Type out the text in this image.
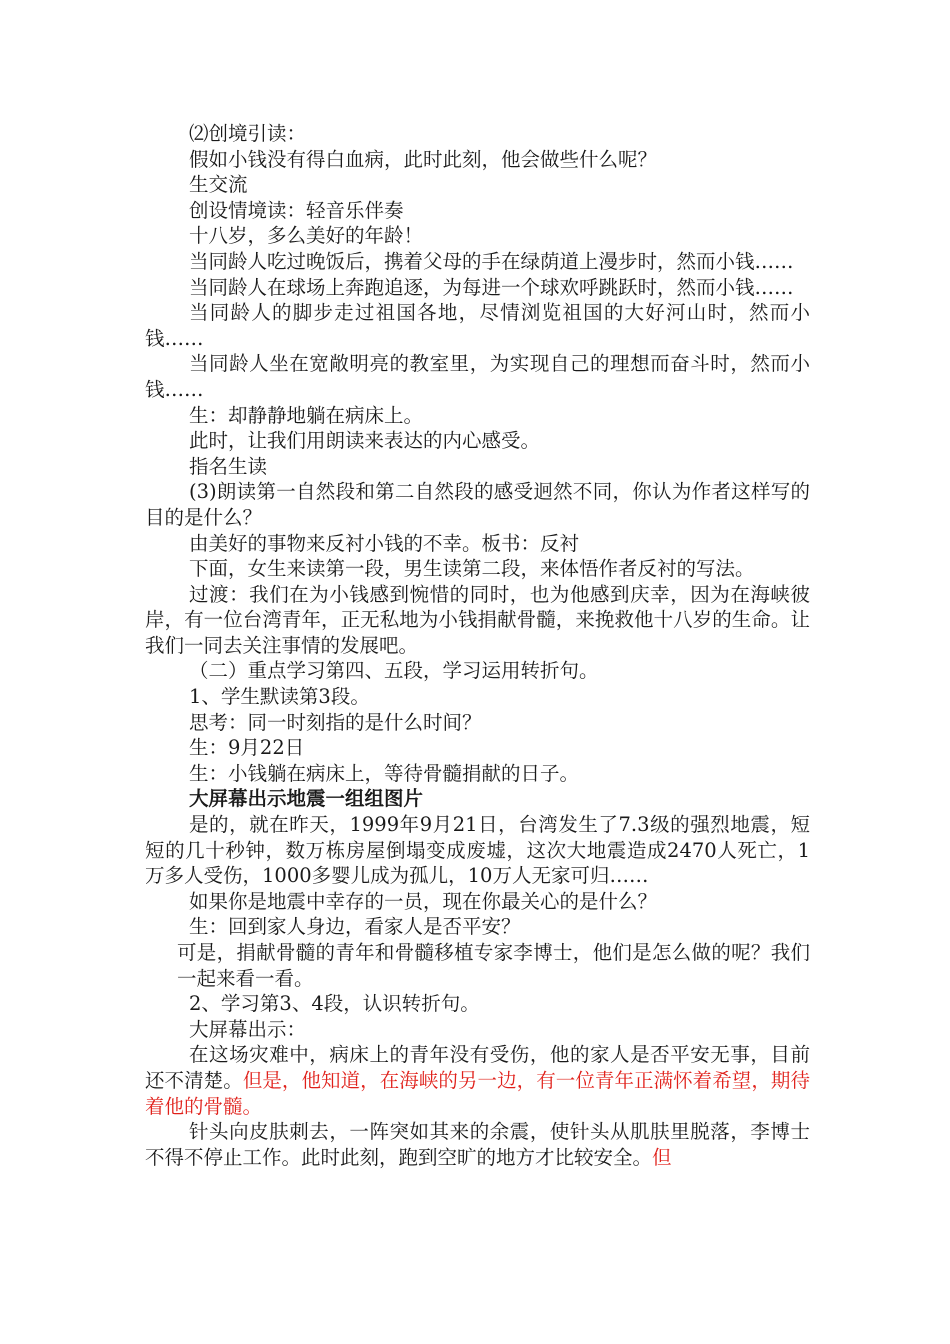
⑵创境引读：

假如小钱没有得白血病，此时此刻，他会做些什么呢？

生交流

创设情境读：轻音乐伴奏

十八岁，多么美好的年龄！

当同龄人吃过晚饭后，携着父母的手在绿荫道上漫步时，然而小钱……

当同龄人在球场上奔跑追逐，为每进一个球欢呼跳跃时，然而小钱……

当同龄人的脚步走过祖国各地，尽情浏览祖国的大好河山时，然而小钱……

当同龄人坐在宽敞明亮的教室里，为实现自己的理想而奋斗时，然而小钱……

生：却静静地躺在病床上。

此时，让我们用朗读来表达的内心感受。

指名生读

(3)朗读第一自然段和第二自然段的感受迥然不同，你认为作者这样写的目的是什么？

由美好的事物来反衬小钱的不幸。板书：反衬

下面，女生来读第一段，男生读第二段，来体悟作者反衬的写法。

过渡：我们在为小钱感到惋惜的同时，也为他感到庆幸，因为在海峡彼岸，有一位台湾青年，正无私地为小钱捐献骨髓，来挽救他十八岁的生命。让我们一同去关注事情的发展吧。

（二）重点学习第四、五段，学习运用转折句。

1、学生默读第3段。

思考：同一时刻指的是什么时间？

生：9月22日

生：小钱躺在病床上，等待骨髓捐献的日子。

大屏幕出示地震一组组图片

是的，就在昨天，1999年9月21日，台湾发生了7.3级的强烈地震，短短的几十秒钟，数万栋房屋倒塌变成废墟，这次大地震造成2470人死亡，1万多人受伤，1000多婴儿成为孤儿，10万人无家可归……

如果你是地震中幸存的一员，现在你最关心的是什么？

生：回到家人身边，看家人是否平安？

可是，捐献骨髓的青年和骨髓移植专家李博士，他们是怎么做的呢？我们一起来看一看。

2、学习第3、4段，认识转折句。

大屏幕出示：

在这场灾难中，病床上的青年没有受伤，他的家人是否平安无事，目前还不清楚。但是，他知道，在海峡的另一边，有一位青年正满怀着希望，期待着他的骨髓。

针头向皮肤刺去，一阵突如其来的余震，使针头从肌肤里脱落，李博士不得不停止工作。此时此刻，跑到空旷的地方才比较安全。但
